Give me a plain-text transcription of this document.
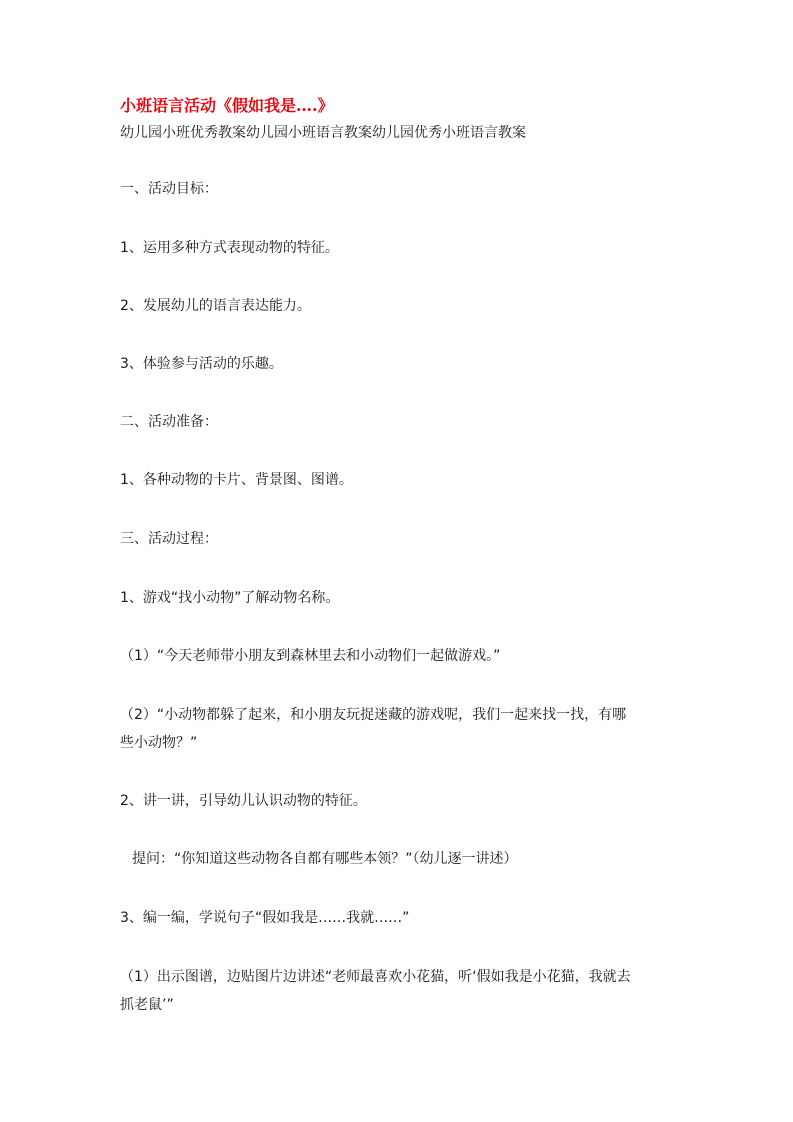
小班语言活动《假如我是….》
幼儿园小班优秀教案幼儿园小班语言教案幼儿园优秀小班语言教案
一、活动目标：
1、运用多种方式表现动物的特征。
2、发展幼儿的语言表达能力。
3、体验参与活动的乐趣。
二、活动准备：
1、各种动物的卡片、背景图、图谱。
三、活动过程：
1、游戏“找小动物”了解动物名称。
（1）“今天老师带小朋友到森林里去和小动物们一起做游戏。”
（2）“小动物都躲了起来，和小朋友玩捉迷藏的游戏呢，我们一起来找一找，有哪
些小动物？”
2、讲一讲，引导幼儿认识动物的特征。
提问：“你知道这些动物各自都有哪些本领？”（幼儿逐一讲述）
3、编一编，学说句子“假如我是……我就……”
（1）出示图谱，边贴图片边讲述“老师最喜欢小花猫，听‘假如我是小花猫，我就去
抓老鼠’”
